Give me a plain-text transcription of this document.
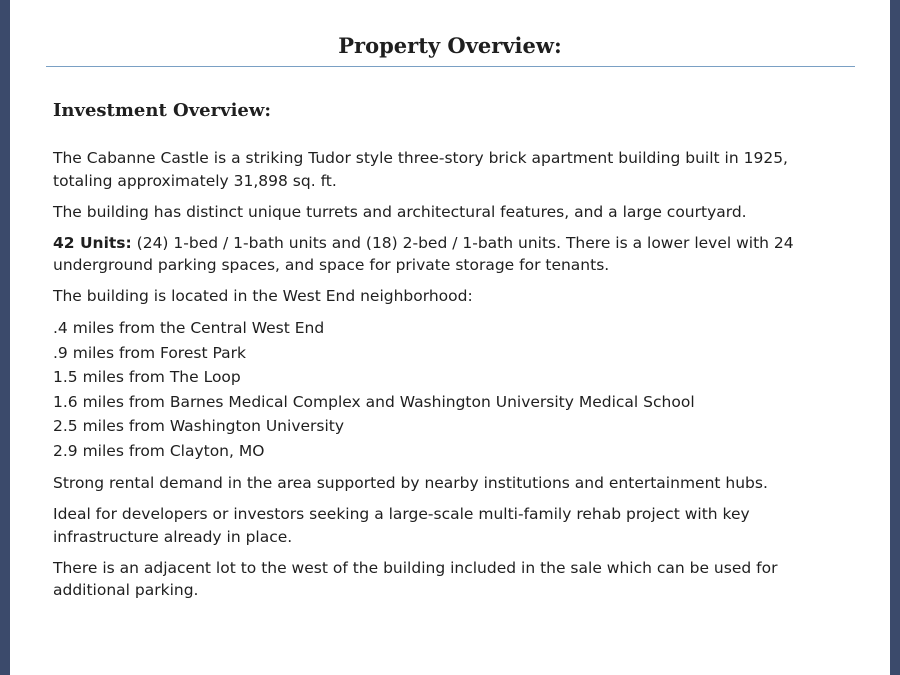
Property Overview:
Investment Overview:

The Cabanne Castle is a striking Tudor style three-story brick apartment building built in 1925, totaling approximately 31,898 sq. ft.

The building has distinct unique turrets and architectural features, and a large courtyard.

42 Units: (24) 1-bed / 1-bath units and (18) 2-bed / 1-bath units. There is a lower level with 24 underground parking spaces, and space for private storage for tenants.

The building is located in the West End neighborhood:

.4 miles from the Central West End
.9 miles from Forest Park
1.5 miles from The Loop
1.6 miles from Barnes Medical Complex and Washington University Medical School
2.5 miles from Washington University
2.9 miles from Clayton, MO

Strong rental demand in the area supported by nearby institutions and entertainment hubs.

Ideal for developers or investors seeking a large-scale multi-family rehab project with key infrastructure already in place.

There is an adjacent lot to the west of the building included in the sale which can be used for additional parking.
